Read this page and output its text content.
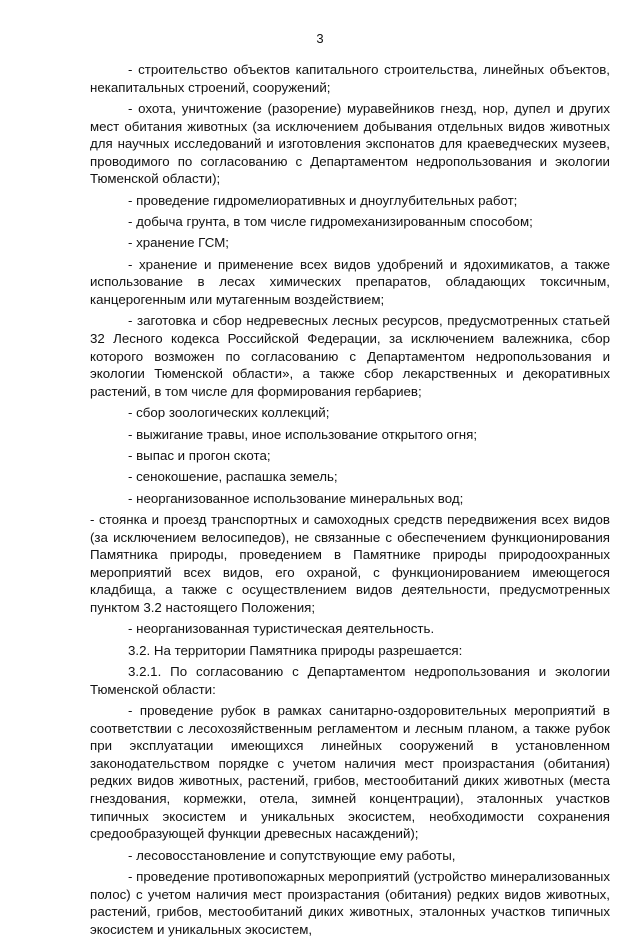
3

- строительство объектов капитального строительства, линейных объектов, некапитальных строений, сооружений;

- охота, уничтожение (разорение) муравейников гнезд, нор, дупел и других мест обитания животных (за исключением добывания отдельных видов животных для научных исследований и изготовления экспонатов для краеведческих музеев, проводимого по согласованию с Департаментом недропользования и экологии Тюменской области);

- проведение гидромелиоративных и дноуглубительных работ;

- добыча грунта, в том числе гидромеханизированным способом;

- хранение ГСМ;

- хранение и применение всех видов удобрений и ядохимикатов, а также использование в лесах химических препаратов, обладающих токсичным, канцерогенным или мутагенным воздействием;

- заготовка и сбор недревесных лесных ресурсов, предусмотренных статьей 32 Лесного кодекса Российской Федерации, за исключением валежника, сбор которого возможен по согласованию с Департаментом недропользования и экологии Тюменской области», а также сбор лекарственных и декоративных растений, в том числе для формирования гербариев;

- сбор зоологических коллекций;

- выжигание травы, иное использование открытого огня;

- выпас и прогон скота;

- сенокошение, распашка земель;

- неорганизованное использование минеральных вод;

- стоянка и проезд транспортных и самоходных средств передвижения всех видов (за исключением велосипедов), не связанные с обеспечением функционирования Памятника природы, проведением в Памятнике природы природоохранных мероприятий всех видов, его охраной, с функционированием имеющегося кладбища, а также с осуществлением видов деятельности, предусмотренных пунктом 3.2 настоящего Положения;

- неорганизованная туристическая деятельность.

3.2. На территории Памятника природы разрешается:

3.2.1. По согласованию с Департаментом недропользования и экологии Тюменской области:

- проведение рубок в рамках санитарно-оздоровительных мероприятий в соответствии с лесохозяйственным регламентом и лесным планом, а также рубок при эксплуатации имеющихся линейных сооружений в установленном законодательством порядке с учетом наличия мест произрастания (обитания) редких видов животных, растений, грибов, местообитаний диких животных (места гнездования, кормежки, отела, зимней концентрации), эталонных участков типичных экосистем и уникальных экосистем, необходимости сохранения средообразующей функции древесных насаждений);

- лесовосстановление и сопутствующие ему работы,

- проведение противопожарных мероприятий (устройство минерализованных полос) с учетом наличия мест произрастания (обитания) редких видов животных, растений, грибов, местообитаний диких животных, эталонных участков типичных экосистем и уникальных экосистем,
